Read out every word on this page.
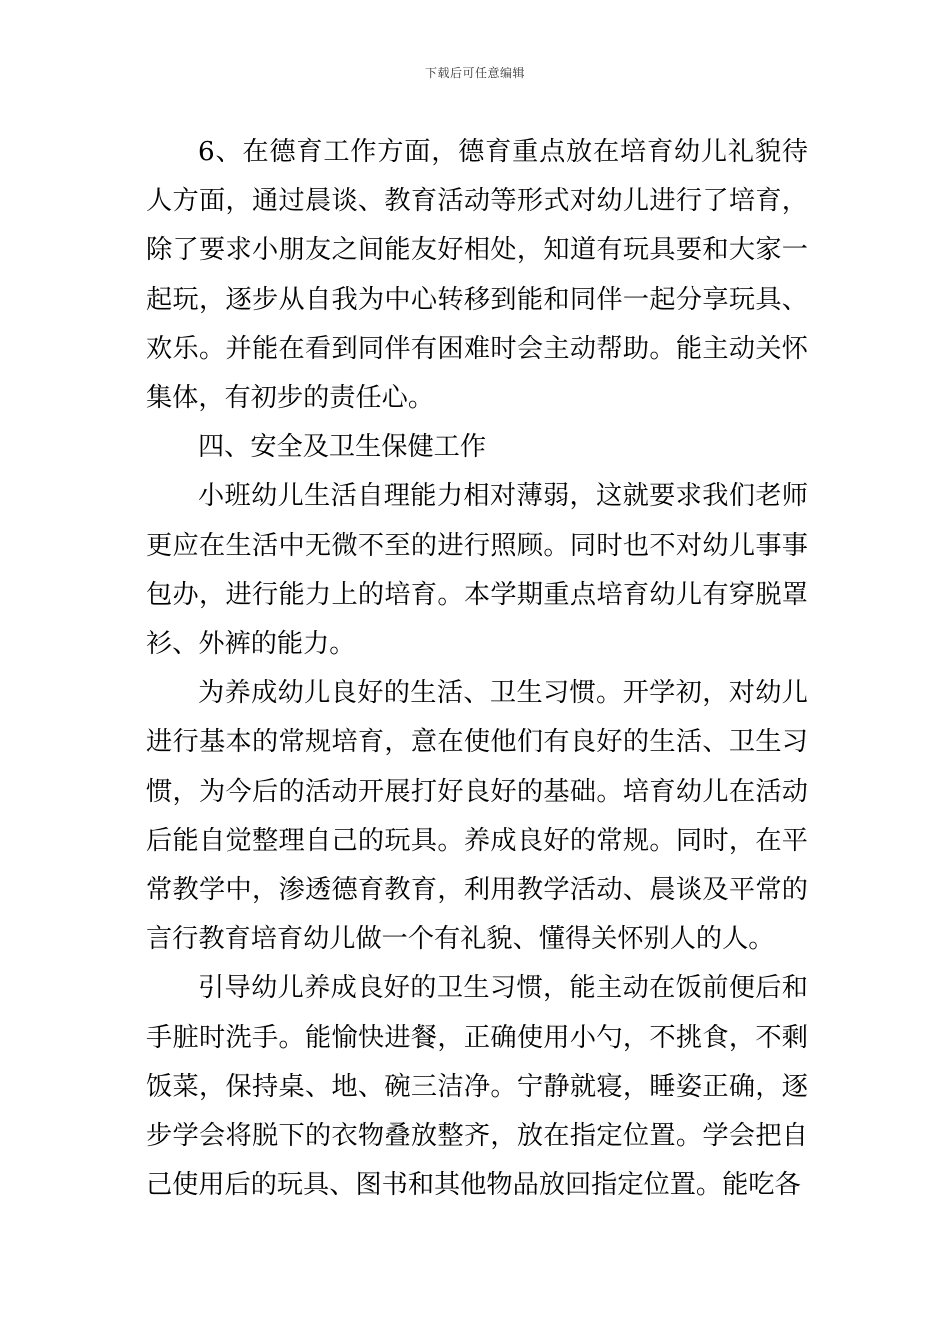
下载后可任意编辑

6、在德育工作方面，德育重点放在培育幼儿礼貌待人方面，通过晨谈、教育活动等形式对幼儿进行了培育，除了要求小朋友之间能友好相处，知道有玩具要和大家一起玩，逐步从自我为中心转移到能和同伴一起分享玩具、欢乐。并能在看到同伴有困难时会主动帮助。能主动关怀集体，有初步的责任心。

四、安全及卫生保健工作

小班幼儿生活自理能力相对薄弱，这就要求我们老师更应在生活中无微不至的进行照顾。同时也不对幼儿事事包办，进行能力上的培育。本学期重点培育幼儿有穿脱罩衫、外裤的能力。

为养成幼儿良好的生活、卫生习惯。开学初，对幼儿进行基本的常规培育，意在使他们有良好的生活、卫生习惯，为今后的活动开展打好良好的基础。培育幼儿在活动后能自觉整理自己的玩具。养成良好的常规。同时，在平常教学中，渗透德育教育，利用教学活动、晨谈及平常的言行教育培育幼儿做一个有礼貌、懂得关怀别人的人。

引导幼儿养成良好的卫生习惯，能主动在饭前便后和手脏时洗手。能愉快进餐，正确使用小勺，不挑食，不剩饭菜，保持桌、地、碗三洁净。宁静就寝，睡姿正确，逐步学会将脱下的衣物叠放整齐，放在指定位置。学会把自己使用后的玩具、图书和其他物品放回指定位置。能吃各
